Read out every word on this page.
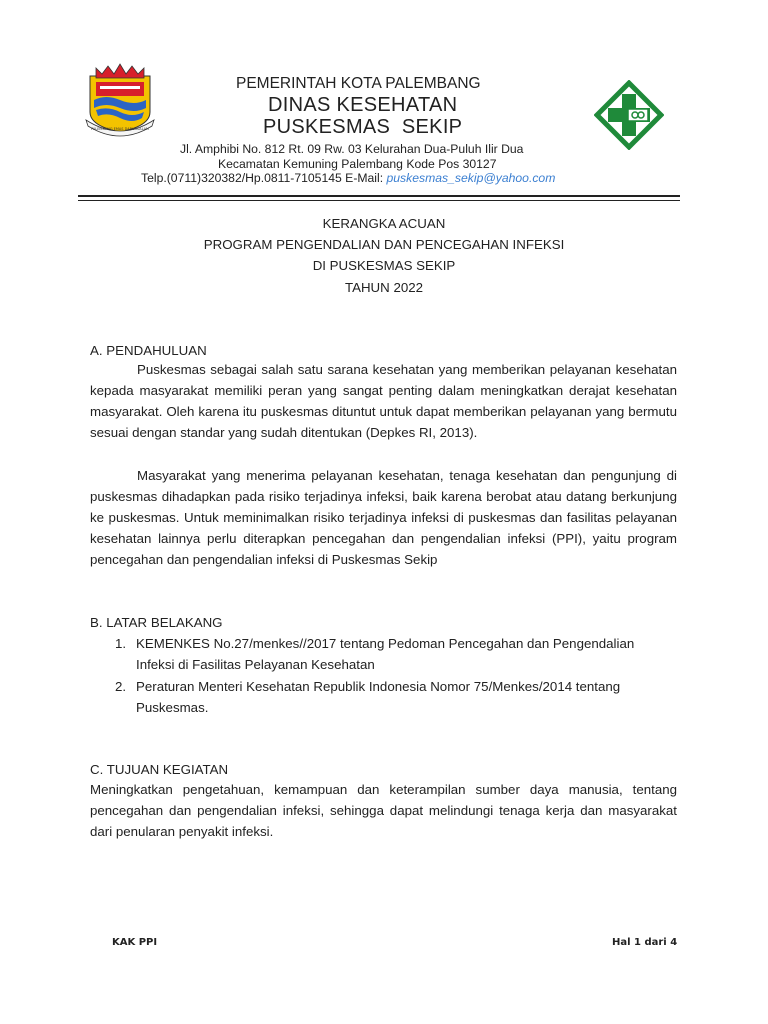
PALEMBANG EMAS DARUSSALAM
PEMERINTAH KOTA PALEMBANG
DINAS KESEHATAN
PUSKESMAS  SEKIP
Jl. Amphibi No. 812 Rt. 09 Rw. 03 Kelurahan Dua-Puluh Ilir Dua
Kecamatan Kemuning Palembang Kode Pos 30127
Telp.(0711)320382/Hp.0811-7105145 E-Mail: puskesmas_sekip@yahoo.com
KERANGKA ACUAN
PROGRAM PENGENDALIAN DAN PENCEGAHAN INFEKSI
DI PUSKESMAS SEKIP
TAHUN 2022
A. PENDAHULUAN
Puskesmas sebagai salah satu sarana kesehatan yang memberikan pelayanan kesehatan kepada masyarakat memiliki peran yang sangat penting dalam meningkatkan derajat kesehatan masyarakat. Oleh karena itu puskesmas dituntut untuk dapat memberikan pelayanan yang bermutu sesuai dengan standar yang sudah ditentukan (Depkes RI, 2013).
Masyarakat yang menerima pelayanan kesehatan, tenaga kesehatan dan pengunjung di puskesmas dihadapkan pada risiko terjadinya infeksi, baik karena berobat atau datang berkunjung ke puskesmas. Untuk meminimalkan risiko terjadinya infeksi di puskesmas dan fasilitas pelayanan kesehatan lainnya perlu diterapkan pencegahan dan pengendalian infeksi (PPI), yaitu program pencegahan dan pengendalian infeksi di Puskesmas Sekip
B. LATAR BELAKANG
1. KEMENKES No.27/menkes//2017 tentang Pedoman Pencegahan dan Pengendalian Infeksi di Fasilitas Pelayanan Kesehatan
2. Peraturan Menteri Kesehatan Republik Indonesia Nomor 75/Menkes/2014 tentang Puskesmas.
C. TUJUAN KEGIATAN
Meningkatkan pengetahuan, kemampuan dan keterampilan sumber daya manusia, tentang pencegahan dan pengendalian infeksi, sehingga dapat melindungi tenaga kerja dan masyarakat dari penularan penyakit infeksi.
KAK PPI	Hal 1 dari 4
